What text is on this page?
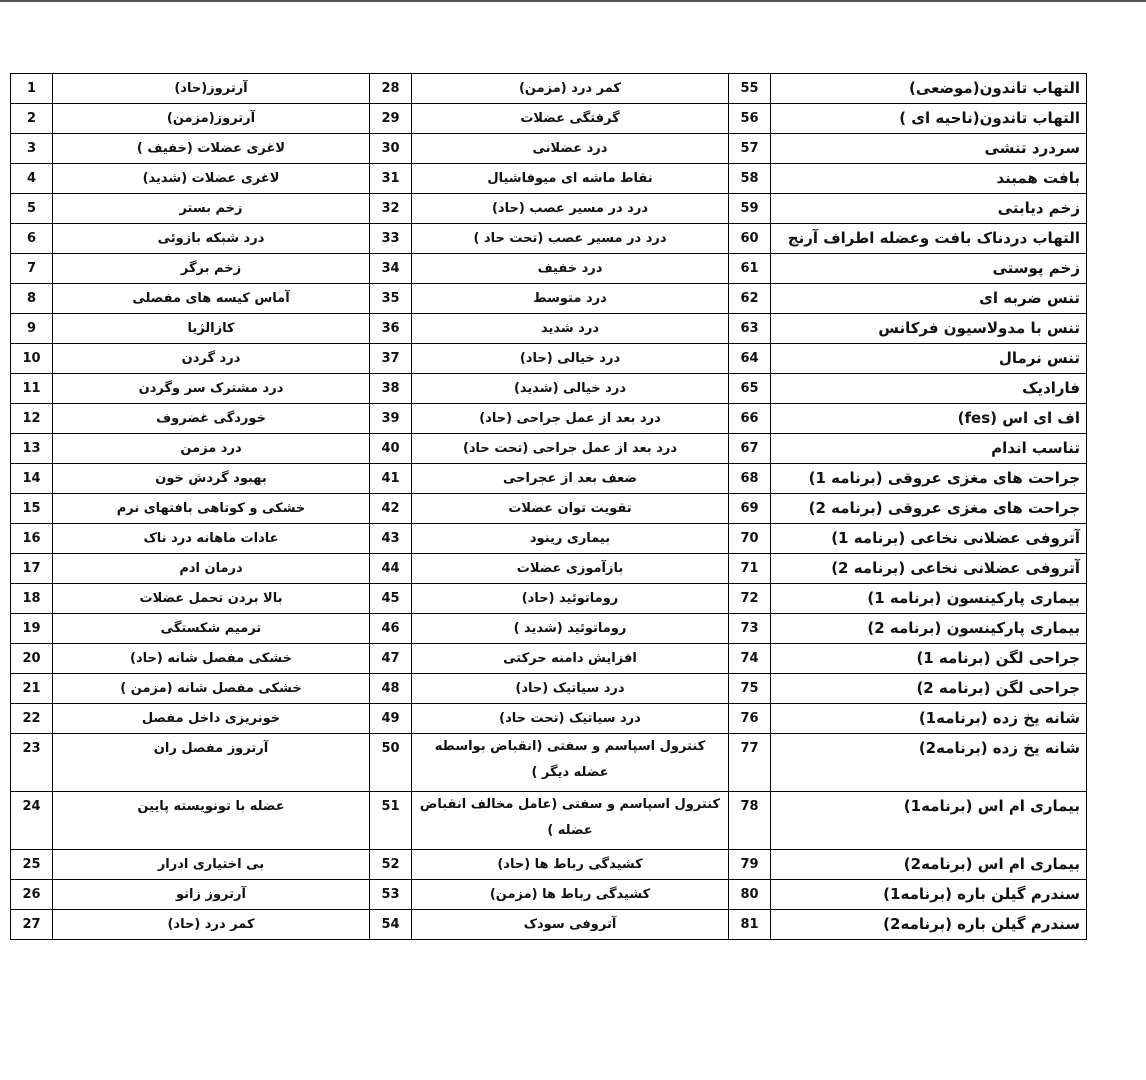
1	آرتروز(حاد)	28	کمر درد (مزمن)	55	التهاب تاندون(موضعی)
2	آرتروز(مزمن)	29	گرفتگی عضلات	56	التهاب تاندون(ناحیه ای )
3	لاغری عضلات (خفیف )	30	درد عضلانی	57	سردرد تنشی
4	لاغری عضلات (شدید)	31	نقاط ماشه ای میوفاشیال	58	بافت همبند
5	زخم بستر	32	درد در مسیر عصب (حاد)	59	زخم دیابتی
6	درد شبکه بازوئی	33	درد در مسیر عصب (تحت حاد )	60	التهاب دردناک بافت وعضله اطراف آرنج
7	زخم برگر	34	درد خفیف	61	زخم پوستی
8	آماس کیسه های مفصلی	35	درد متوسط	62	تنس ضربه ای
9	کازالژیا	36	درد شدید	63	تنس با مدولاسیون فرکانس
10	درد گردن	37	درد خیالی (حاد)	64	تنس نرمال
11	درد مشترک سر وگردن	38	درد خیالی (شدید)	65	فارادیک
12	خوردگی غضروف	39	درد بعد از عمل جراحی (حاد)	66	اف ای اس (fes)
13	درد مزمن	40	درد بعد از عمل جراحی (تحت حاد)	67	تناسب اندام
14	بهبود گردش خون	41	ضعف بعد از عجراحی	68	جراحت های مغزی عروقی (برنامه 1)
15	خشکی و کوتاهی بافتهای نرم	42	تقویت توان عضلات	69	جراحت های مغزی عروقی (برنامه 2)
16	عادات ماهانه درد ناک	43	بیماری رینود	70	آتروفی عضلانی نخاعی (برنامه 1)
17	درمان ادم	44	بازآموزی عضلات	71	آتروفی عضلانی نخاعی (برنامه 2)
18	بالا بردن تحمل عضلات	45	روماتوئید (حاد)	72	بیماری پارکینسون (برنامه 1)
19	ترمیم شکستگی	46	روماتوئید (شدید )	73	بیماری پارکینسون (برنامه 2)
20	خشکی مفصل شانه (حاد)	47	افزایش دامنه حرکتی	74	جراحی لگن (برنامه 1)
21	خشکی مفصل شانه (مزمن )	48	درد سیاتیک (حاد)	75	جراحی لگن (برنامه 2)
22	خونریزی داخل مفصل	49	درد سیاتیک (تحت حاد)	76	شانه یخ زده (برنامه1)
23	آرتروز مفصل ران	50	کنترول اسپاسم و سفتی (انقباض بواسطه عضله دیگر )	77	شانه یخ زده (برنامه2)
24	عضله با تونویسته پایین	51	کنترول اسپاسم و سفتی (عامل مخالف انقباض عضله )	78	بیماری ام اس (برنامه1)
25	بی اختیاری ادرار	52	کشیدگی رباط ها (حاد)	79	بیماری ام اس (برنامه2)
26	آرتروز زانو	53	کشیدگی رباط ها (مزمن)	80	سندرم گیلن باره (برنامه1)
27	کمر درد (حاد)	54	آتروفی سودک	81	سندرم گیلن باره (برنامه2)
